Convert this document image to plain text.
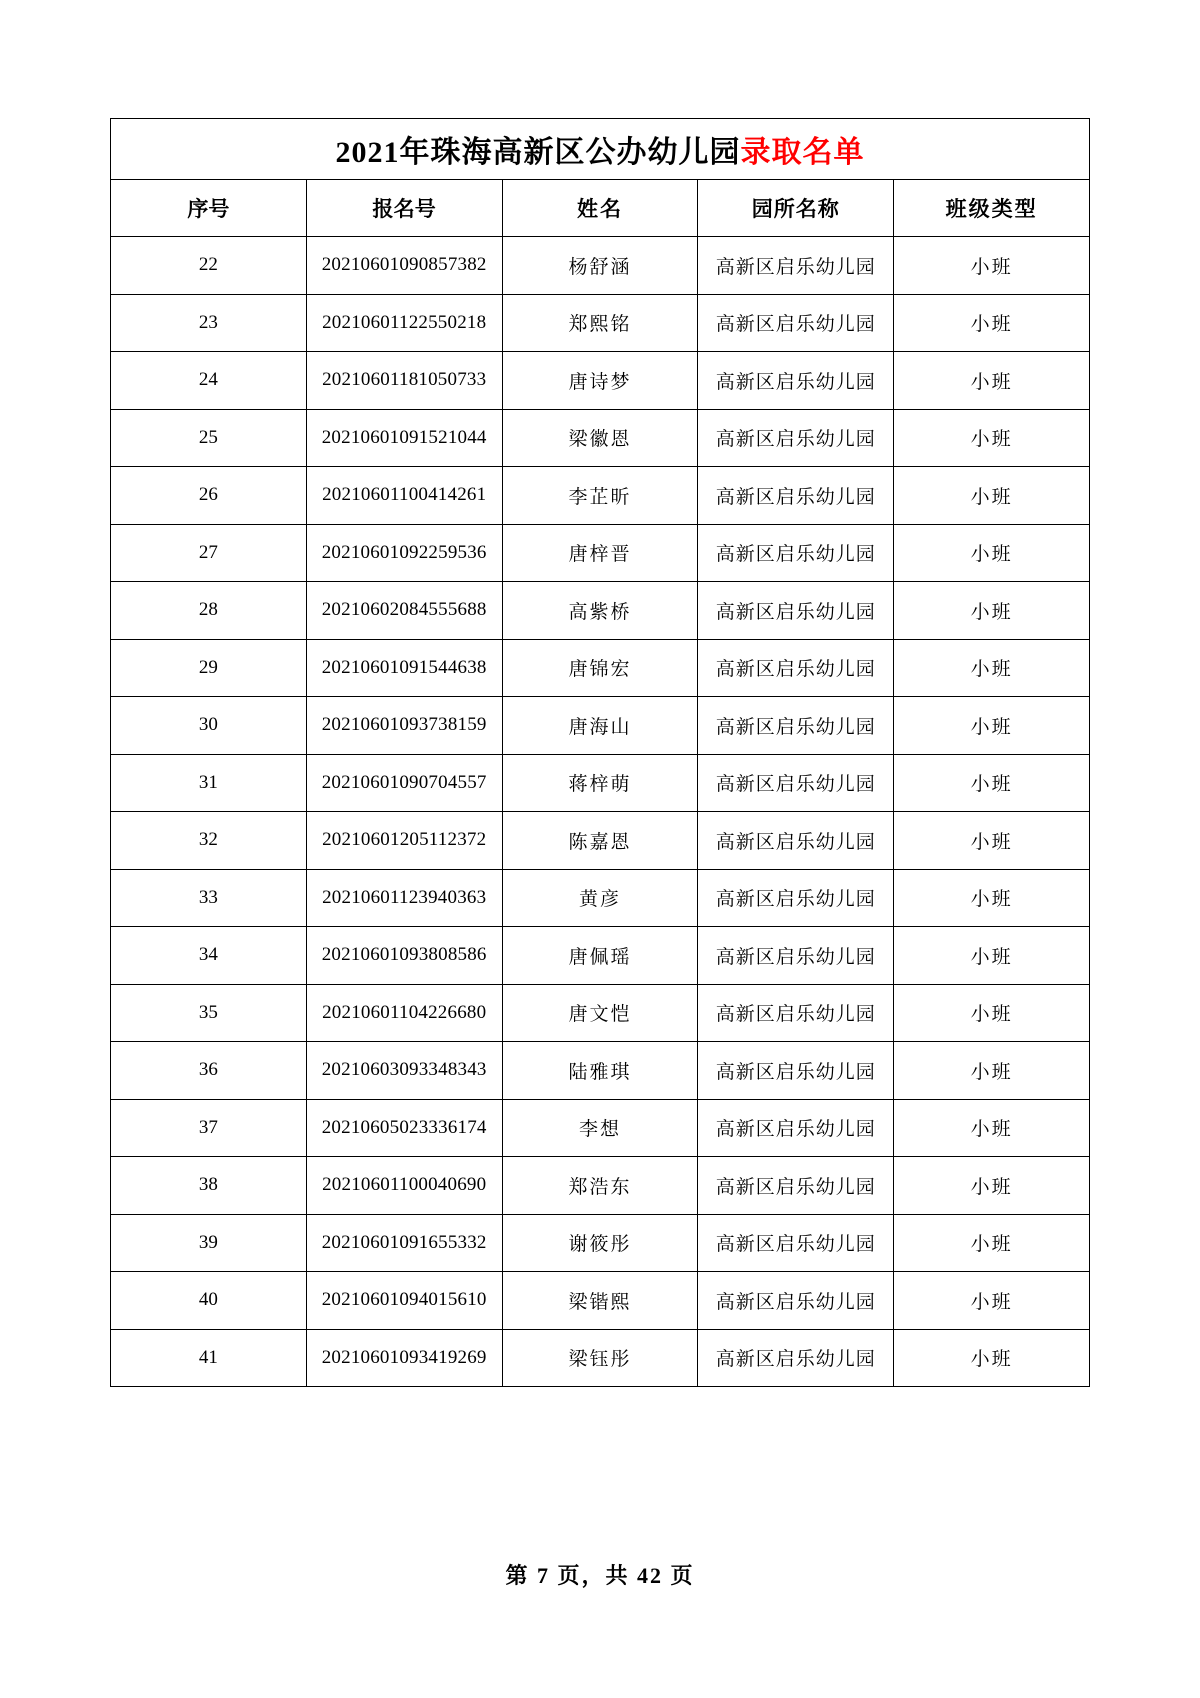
2021年珠海高新区公办幼儿园录取名单				
序号	报名号	姓名	园所名称	班级类型
22	20210601090857382	杨舒涵	高新区启乐幼儿园	小班
23	20210601122550218	郑熙铭	高新区启乐幼儿园	小班
24	20210601181050733	唐诗梦	高新区启乐幼儿园	小班
25	20210601091521044	梁徽恩	高新区启乐幼儿园	小班
26	20210601100414261	李芷昕	高新区启乐幼儿园	小班
27	20210601092259536	唐梓晋	高新区启乐幼儿园	小班
28	20210602084555688	高紫桥	高新区启乐幼儿园	小班
29	20210601091544638	唐锦宏	高新区启乐幼儿园	小班
30	20210601093738159	唐海山	高新区启乐幼儿园	小班
31	20210601090704557	蒋梓萌	高新区启乐幼儿园	小班
32	20210601205112372	陈嘉恩	高新区启乐幼儿园	小班
33	20210601123940363	黄彦	高新区启乐幼儿园	小班
34	20210601093808586	唐佩瑶	高新区启乐幼儿园	小班
35	20210601104226680	唐文恺	高新区启乐幼儿园	小班
36	20210603093348343	陆雅琪	高新区启乐幼儿园	小班
37	20210605023336174	李想	高新区启乐幼儿园	小班
38	20210601100040690	郑浩东	高新区启乐幼儿园	小班
39	20210601091655332	谢筱彤	高新区启乐幼儿园	小班
40	20210601094015610	梁锴熙	高新区启乐幼儿园	小班
41	20210601093419269	梁钰彤	高新区启乐幼儿园	小班
第 7 页，共 42 页
